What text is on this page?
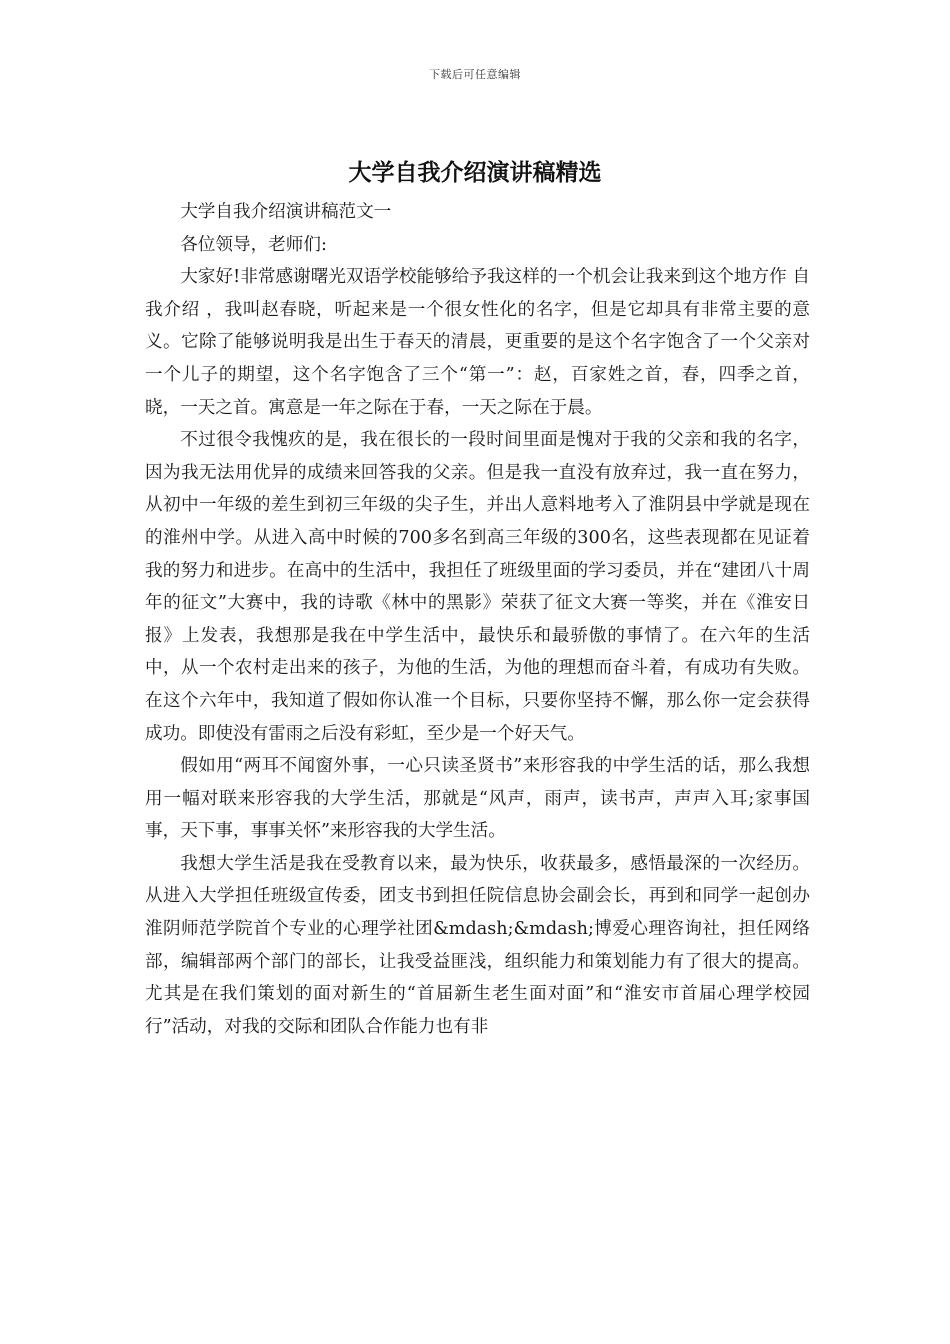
下载后可任意编辑
大学自我介绍演讲稿精选

大学自我介绍演讲稿范文一

各位领导，老师们:

大家好!非常感谢曙光双语学校能够给予我这样的一个机会让我来到这个地方作 自我介绍 ，我叫赵春晓，听起来是一个很女性化的名字，但是它却具有非常主要的意义。它除了能够说明我是出生于春天的清晨，更重要的是这个名字饱含了一个父亲对一个儿子的期望，这个名字饱含了三个“第一”：赵，百家姓之首，春，四季之首，晓，一天之首。寓意是一年之际在于春，一天之际在于晨。

不过很令我愧疚的是，我在很长的一段时间里面是愧对于我的父亲和我的名字，因为我无法用优异的成绩来回答我的父亲。但是我一直没有放弃过，我一直在努力，从初中一年级的差生到初三年级的尖子生，并出人意料地考入了淮阴县中学就是现在的淮州中学。从进入高中时候的700多名到高三年级的300名，这些表现都在见证着我的努力和进步。在高中的生活中，我担任了班级里面的学习委员，并在“建团八十周年的征文”大赛中，我的诗歌《林中的黑影》荣获了征文大赛一等奖，并在《淮安日报》上发表，我想那是我在中学生活中，最快乐和最骄傲的事情了。在六年的生活中，从一个农村走出来的孩子，为他的生活，为他的理想而奋斗着，有成功有失败。在这个六年中，我知道了假如你认准一个目标，只要你坚持不懈，那么你一定会获得成功。即使没有雷雨之后没有彩虹，至少是一个好天气。

假如用“两耳不闻窗外事，一心只读圣贤书”来形容我的中学生活的话，那么我想用一幅对联来形容我的大学生活，那就是“风声，雨声，读书声，声声入耳;家事国事，天下事，事事关怀”来形容我的大学生活。

我想大学生活是我在受教育以来，最为快乐，收获最多，感悟最深的一次经历。从进入大学担任班级宣传委，团支书到担任院信息协会副会长，再到和同学一起创办淮阴师范学院首个专业的心理学社团&mdash;&mdash;博爱心理咨询社，担任网络部，编辑部两个部门的部长，让我受益匪浅，组织能力和策划能力有了很大的提高。尤其是在我们策划的面对新生的“首届新生老生面对面”和“淮安市首届心理学校园行”活动，对我的交际和团队合作能力也有非
